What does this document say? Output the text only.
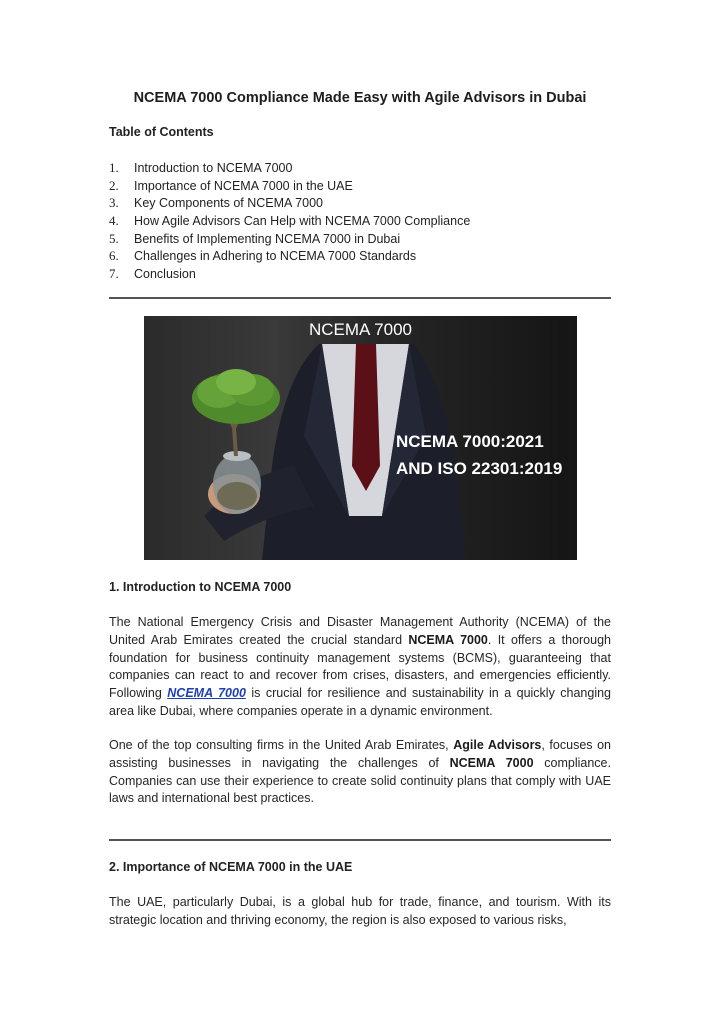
NCEMA 7000 Compliance Made Easy with Agile Advisors in Dubai
Table of Contents
1. Introduction to NCEMA 7000
2. Importance of NCEMA 7000 in the UAE
3. Key Components of NCEMA 7000
4. How Agile Advisors Can Help with NCEMA 7000 Compliance
5. Benefits of Implementing NCEMA 7000 in Dubai
6. Challenges in Adhering to NCEMA 7000 Standards
7. Conclusion
NCEMA 7000
NCEMA 7000:2021
AND ISO 22301:2019
1. Introduction to NCEMA 7000

The National Emergency Crisis and Disaster Management Authority (NCEMA) of the United Arab Emirates created the crucial standard NCEMA 7000. It offers a thorough foundation for business continuity management systems (BCMS), guaranteeing that companies can react to and recover from crises, disasters, and emergencies efficiently. Following NCEMA 7000 is crucial for resilience and sustainability in a quickly changing area like Dubai, where companies operate in a dynamic environment.

One of the top consulting firms in the United Arab Emirates, Agile Advisors, focuses on assisting businesses in navigating the challenges of NCEMA 7000 compliance. Companies can use their experience to create solid continuity plans that comply with UAE laws and international best practices.

2. Importance of NCEMA 7000 in the UAE

The UAE, particularly Dubai, is a global hub for trade, finance, and tourism. With its strategic location and thriving economy, the region is also exposed to various risks,
